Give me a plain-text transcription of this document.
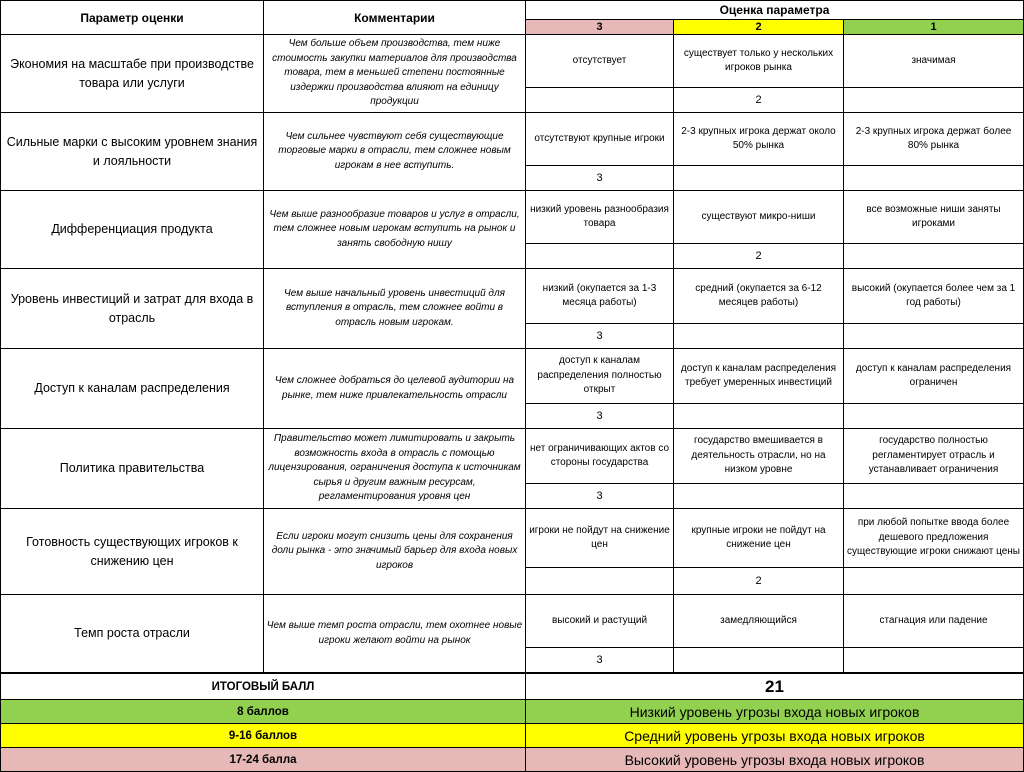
Параметр оценки	Комментарии	Оценка параметра		
		3	2	1
Экономия на масштабе при производстве товара или услуги	Чем больше объем производства, тем ниже стоимость закупки материалов для производства товара, тем в меньшей степени постоянные издержки производства влияют на единицу продукции	отсутствует	существует только у нескольких игроков рынка	значимая
			2	
Сильные марки с высоким уровнем знания и лояльности	Чем сильнее чувствуют себя существующие торговые марки в отрасли, тем сложнее новым игрокам в нее вступить.	отсутствуют крупные игроки	2-3 крупных игрока держат около 50% рынка	2-3 крупных игрока держат более 80% рынка
		3		
Дифференциация продукта	Чем выше разнообразие товаров и услуг в отрасли, тем сложнее новым игрокам вступить на рынок и занять свободную нишу	низкий уровень разнообразия товара	существуют микро-ниши	все возможные ниши заняты игроками
			2	
Уровень инвестиций и затрат для входа в отрасль	Чем выше начальный уровень инвестиций для вступления в отрасль, тем сложнее войти в отрасль новым игрокам.	низкий (окупается за 1-3 месяца работы)	средний (окупается за 6-12 месяцев работы)	высокий (окупается более чем за 1 год работы)
		3		
Доступ к каналам распределения	Чем сложнее добраться до целевой аудитории на рынке, тем ниже привлекательность отрасли	доступ к каналам распределения полностью открыт	доступ к каналам распределения требует умеренных инвестиций	доступ к каналам распределения ограничен
		3		
Политика правительства	Правительство может лимитировать и закрыть возможность входа в отрасль с помощью лицензирования, ограничения доступа к источникам сырья и другим важным ресурсам, регламентирования уровня цен	нет ограничивающих актов со стороны государства	государство вмешивается в деятельность отрасли, но на низком уровне	государство полностью регламентирует отрасль и устанавливает ограничения
		3		
Готовность существующих игроков к снижению цен	Если игроки могут снизить цены для сохранения доли рынка - это значимый барьер для входа новых игроков	игроки не пойдут на снижение цен	крупные игроки не пойдут на снижение цен	при любой попытке ввода более дешевого предложения существующие игроки снижают цены
			2	
Темп роста отрасли	Чем выше темп роста отрасли, тем охотнее новые игроки желают войти на рынок	высокий и растущий	замедляющийся	стагнация или падение
		3		
ИТОГОВЫЙ БАЛЛ		21		
8 баллов		Низкий уровень угрозы входа новых игроков		
9-16 баллов		Средний уровень угрозы входа новых игроков		
17-24 балла		Высокий уровень угрозы входа новых игроков		
